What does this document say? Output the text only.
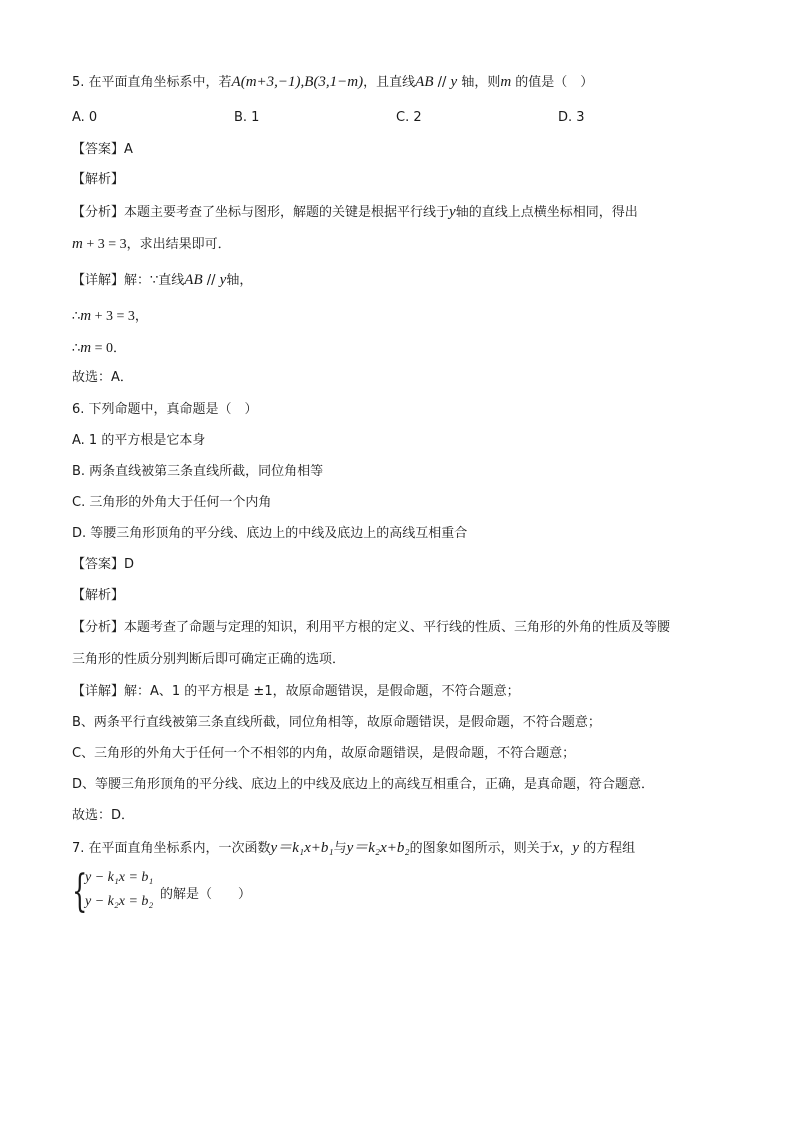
5. 在平面直角坐标系中，若A(m+3,−1),B(3,1−m)，且直线AB // y 轴，则m 的值是（　）
A. 0	B. 1	C. 2	D. 3
【答案】A
【解析】
【分析】本题主要考查了坐标与图形，解题的关键是根据平行线于y轴的直线上点横坐标相同，得出
m + 3 = 3，求出结果即可．
【详解】解：∵直线AB // y轴，
∴m + 3 = 3，
∴m = 0．
故选：A．
6. 下列命题中，真命题是（　）
A. 1 的平方根是它本身
B. 两条直线被第三条直线所截，同位角相等
C. 三角形的外角大于任何一个内角
D. 等腰三角形顶角的平分线、底边上的中线及底边上的高线互相重合
【答案】D
【解析】
【分析】本题考查了命题与定理的知识，利用平方根的定义、平行线的性质、三角形的外角的性质及等腰
三角形的性质分别判断后即可确定正确的选项．
【详解】解：A、1 的平方根是 ±1，故原命题错误，是假命题，不符合题意；
B、两条平行直线被第三条直线所截，同位角相等，故原命题错误，是假命题，不符合题意；
C、三角形的外角大于任何一个不相邻的内角，故原命题错误，是假命题，不符合题意；
D、等腰三角形顶角的平分线、底边上的中线及底边上的高线互相重合，正确，是真命题，符合题意．
故选：D．
7. 在平面直角坐标系内，一次函数y＝k₁x+b₁与y＝k₂x+b₂的图象如图所示，则关于x，y 的方程组
{
y − k₁x = b₁
y − k₂x = b₂ 的解是（　　）
